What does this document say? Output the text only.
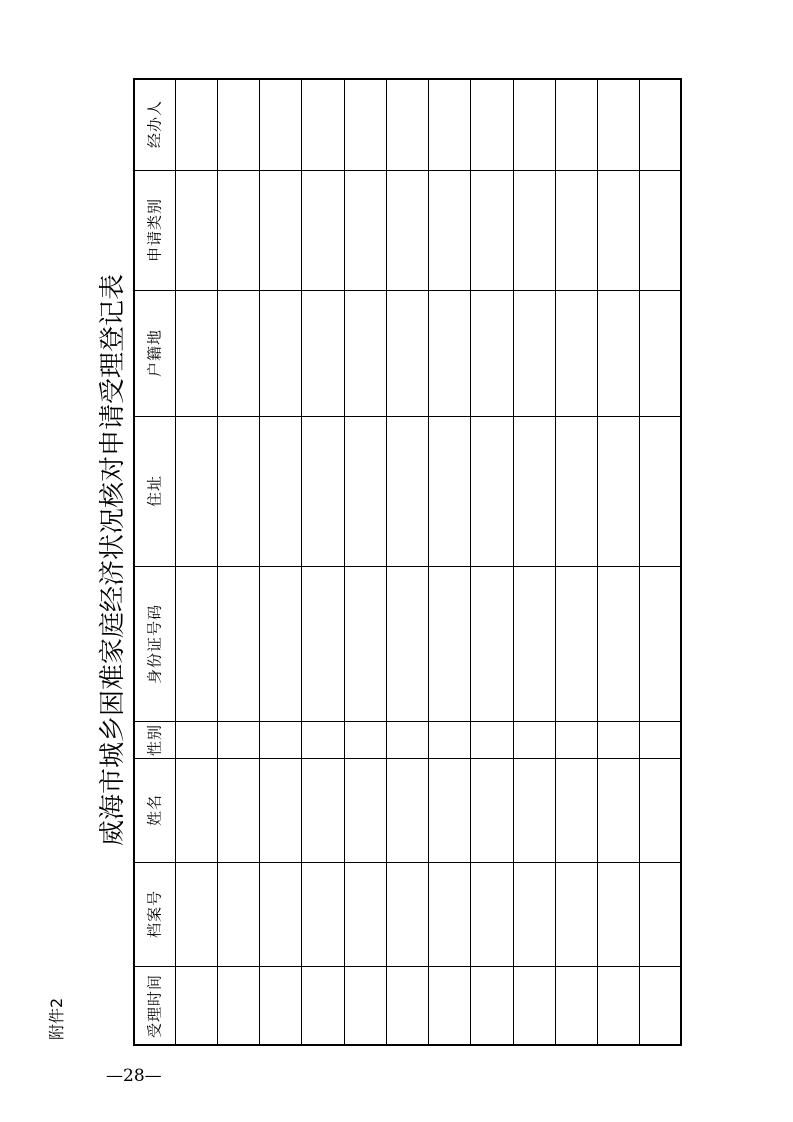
附件2
威海市城乡困难家庭经济状况核对申请受理登记表
—28—
受理时间
档案号
姓名
性别
身份证号码
住址
户籍地
申请类别
经办人
